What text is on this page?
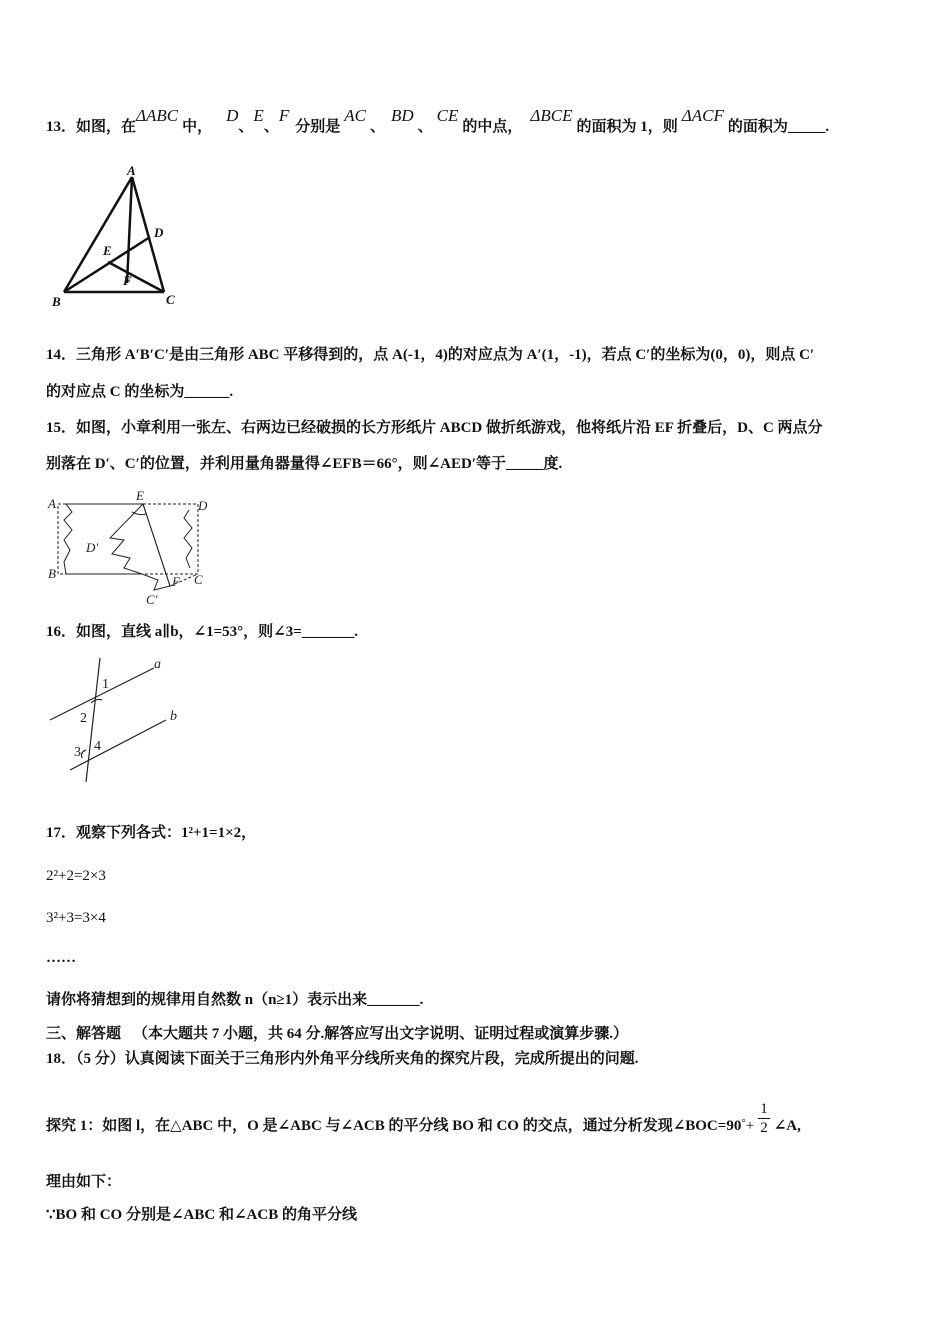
13．如图，在ΔABC中，D、E、F分别是AC、BD、CE的中点，ΔBCE的面积为 1，则ΔACF的面积为_____.
A
B	C
D
E
F
14．三角形 A′B′C′是由三角形 ABC 平移得到的，点 A(-1，4)的对应点为 A′(1，-1)，若点 C′的坐标为(0，0)，则点 C′
的对应点 C 的坐标为______.
15．如图，小章利用一张左、右两边已经破损的长方形纸片 ABCD 做折纸游戏，他将纸片沿 EF 折叠后，D、C 两点分
别落在 D′、C′的位置，并利用量角器量得∠EFB＝66°，则∠AED′等于_____度.
A
E
D
D′
B
F C
C′
16．如图，直线 a∥b，∠1=53°，则∠3=_______.
a
b
1
2
3 4
17．观察下列各式：1²+1=1×2，
2²+2=2×3
3²+3=3×4
……
请你将猜想到的规律用自然数 n（n≥1）表示出来_______.
三、解答题 （本大题共 7 小题，共 64 分.解答应写出文字说明、证明过程或演算步骤.）
18．（5 分）认真阅读下面关于三角形内外角平分线所夹角的探究片段，完成所提出的问题.
探究 1：如图 l，在△ABC 中，O 是∠ABC 与∠ACB 的平分线 BO 和 CO 的交点，通过分析发现∠BOC=90°+ $\frac{1}{2}$ ∠A,
理由如下：
∵BO 和 CO 分别是∠ABC 和∠ACB 的角平分线
